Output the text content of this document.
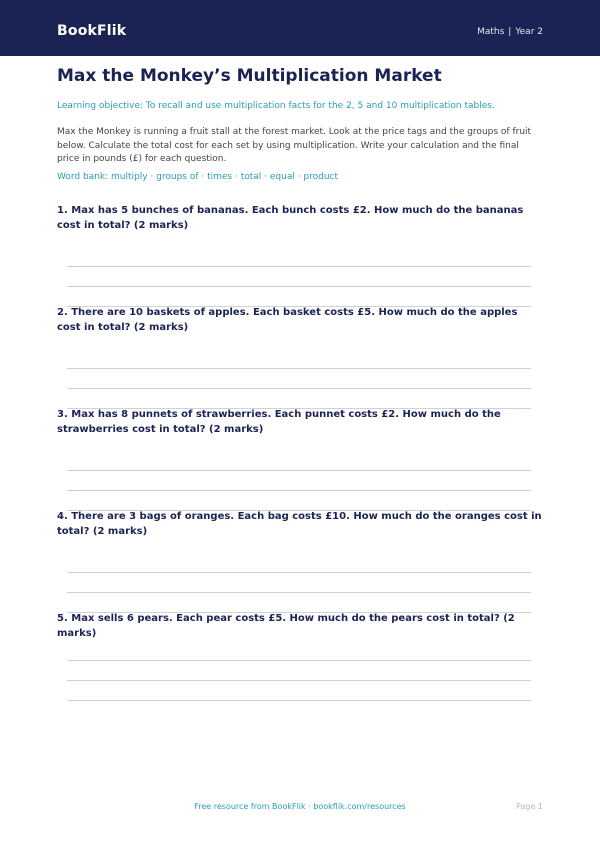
BookFlik	Maths | Year 2
Max the Monkey’s Multiplication Market

Learning objective: To recall and use multiplication facts for the 2, 5 and 10 multiplication tables.

Max the Monkey is running a fruit stall at the forest market. Look at the price tags and the groups of fruit below. Calculate the total cost for each set by using multiplication. Write your calculation and the final price in pounds (£) for each question.

Word bank: multiply · groups of · times · total · equal · product

1. Max has 5 bunches of bananas. Each bunch costs £2. How much do the bananas cost in total? (2 marks)

2. There are 10 baskets of apples. Each basket costs £5. How much do the apples cost in total? (2 marks)

3. Max has 8 punnets of strawberries. Each punnet costs £2. How much do the strawberries cost in total? (2 marks)

4. There are 3 bags of oranges. Each bag costs £10. How much do the oranges cost in total? (2 marks)

5. Max sells 6 pears. Each pear costs £5. How much do the pears cost in total? (2 marks)

Free resource from BookFlik · bookflik.com/resources	Page 1
